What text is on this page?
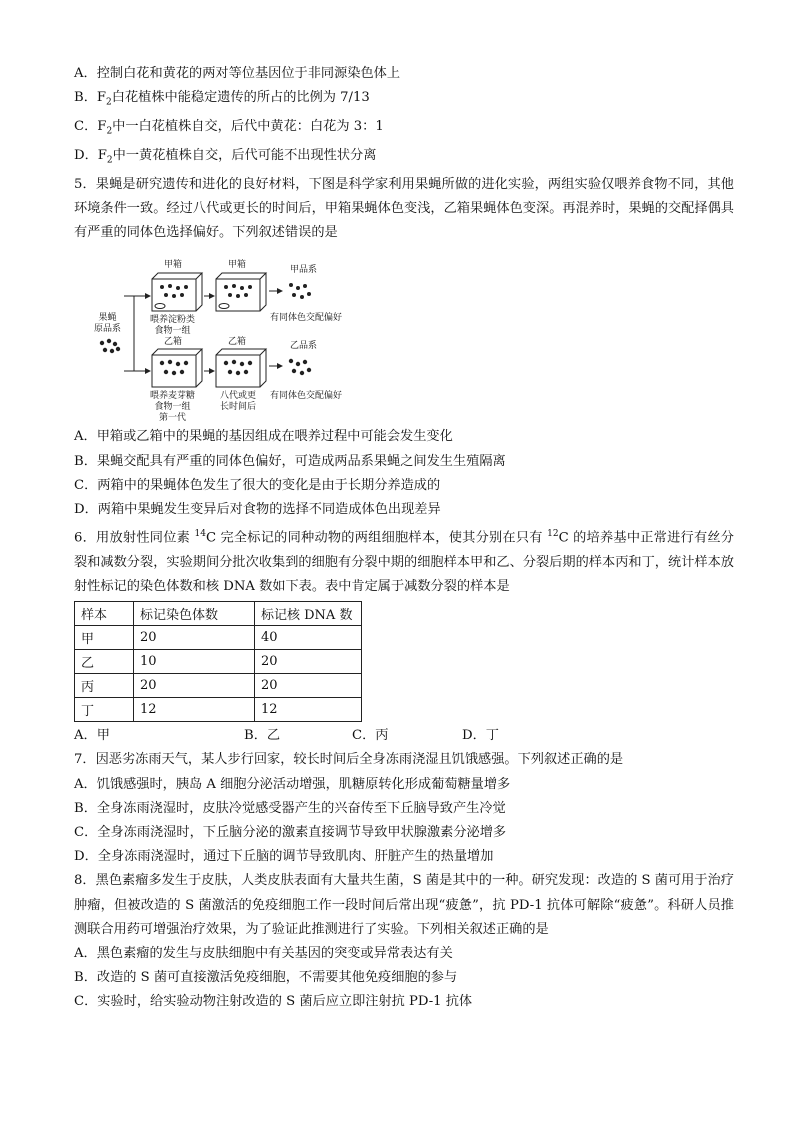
A．控制白花和黄花的两对等位基因位于非同源染色体上
B．$F_2$白花植株中能稳定遗传的所占的比例为 7/13
C．$F_2$中一白花植株自交，后代中黄花：白花为 3：1
D．$F_2$中一黄花植株自交，后代可能不出现性状分离
5．果蝇是研究遗传和进化的良好材料，下图是科学家利用果蝇所做的进化实验，两组实验仅喂养食物不同，其他环境条件一致。经过八代或更长的时间后，甲箱果蝇体色变浅，乙箱果蝇体色变深。再混养时，果蝇的交配择偶具有严重的同体色选择偏好。下列叙述错误的是
果蝇
原品系
甲箱	甲箱
喂养淀粉类
食物一组
甲品系
有同体色交配偏好
乙箱	乙箱
喂养麦芽糖
食物一组
第一代
八代或更
长时间后
乙品系
有同体色交配偏好
A．甲箱或乙箱中的果蝇的基因组成在喂养过程中可能会发生变化
B．果蝇交配具有严重的同体色偏好，可造成两品系果蝇之间发生生殖隔离
C．两箱中的果蝇体色发生了很大的变化是由于长期分养造成的
D．两箱中果蝇发生变异后对食物的选择不同造成体色出现差异
6．用放射性同位素 $^{14}$C 完全标记的同种动物的两组细胞样本，使其分别在只有 $^{12}$C 的培养基中正常进行有丝分裂和减数分裂，实验期间分批次收集到的细胞有分裂中期的细胞样本甲和乙、分裂后期的样本丙和丁，统计样本放射性标记的染色体数和核 DNA 数如下表。表中肯定属于减数分裂的样本是
样本	标记染色体数	标记核 DNA 数
甲	20	40
乙	10	20
丙	20	20
丁	12	12
A．甲	B．乙	C．丙	D．丁
7．因恶劣冻雨天气，某人步行回家，较长时间后全身冻雨浇湿且饥饿感强。下列叙述正确的是
A．饥饿感强时，胰岛 A 细胞分泌活动增强，肌糖原转化形成葡萄糖量增多
B．全身冻雨浇湿时，皮肤冷觉感受器产生的兴奋传至下丘脑导致产生冷觉
C．全身冻雨浇湿时，下丘脑分泌的激素直接调节导致甲状腺激素分泌增多
D．全身冻雨浇湿时，通过下丘脑的调节导致肌肉、肝脏产生的热量增加
8．黑色素瘤多发生于皮肤，人类皮肤表面有大量共生菌，S 菌是其中的一种。研究发现：改造的 S 菌可用于治疗肿瘤，但被改造的 S 菌激活的免疫细胞工作一段时间后常出现“疲惫”，抗 PD-1 抗体可解除“疲惫”。科研人员推测联合用药可增强治疗效果，为了验证此推测进行了实验。下列相关叙述正确的是
A．黑色素瘤的发生与皮肤细胞中有关基因的突变或异常表达有关
B．改造的 S 菌可直接激活免疫细胞，不需要其他免疫细胞的参与
C．实验时，给实验动物注射改造的 S 菌后应立即注射抗 PD-1 抗体
